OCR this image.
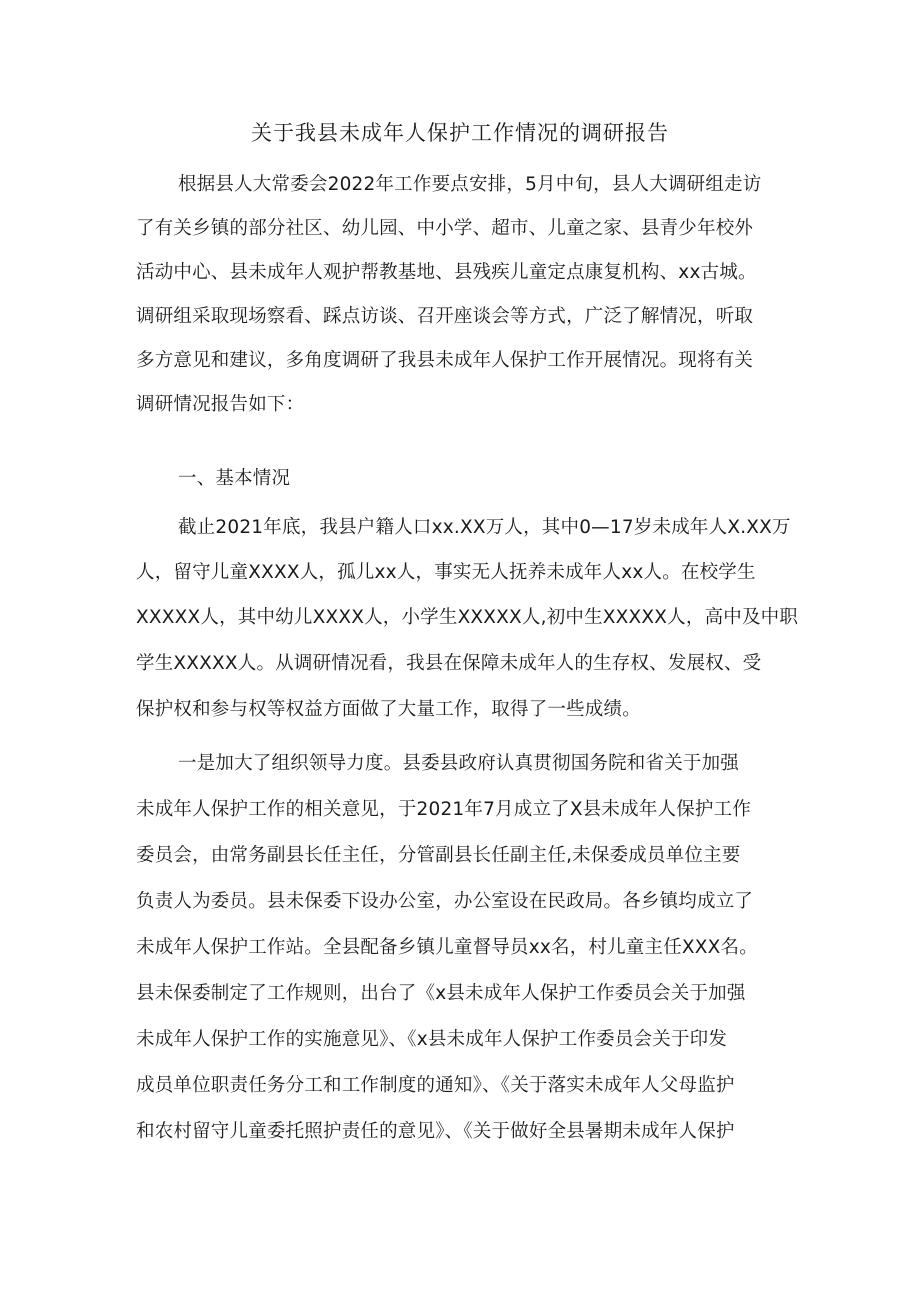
关于我县未成年人保护工作情况的调研报告
根据县人大常委会2022年工作要点安排，5月中旬，县人大调研组走访
了有关乡镇的部分社区、幼儿园、中小学、超市、儿童之家、县青少年校外
活动中心、县未成年人观护帮教基地、县残疾儿童定点康复机构、xx古城。
调研组采取现场察看、踩点访谈、召开座谈会等方式，广泛了解情况，听取
多方意见和建议，多角度调研了我县未成年人保护工作开展情况。现将有关
调研情况报告如下：
一、基本情况
截止2021年底，我县户籍人口xx.XX万人，其中0—17岁未成年人X.XX万
人，留守儿童XXXX人，孤儿xx人，事实无人抚养未成年人xx人。在校学生
XXXXX人，其中幼儿XXXX人，小学生XXXXX人,初中生XXXXX人，高中及中职
学生XXXXX人。从调研情况看，我县在保障未成年人的生存权、发展权、受
保护权和参与权等权益方面做了大量工作，取得了一些成绩。
一是加大了组织领导力度。县委县政府认真贯彻国务院和省关于加强
未成年人保护工作的相关意见，于2021年7月成立了X县未成年人保护工作
委员会，由常务副县长任主任，分管副县长任副主任,未保委成员单位主要
负责人为委员。县未保委下设办公室，办公室设在民政局。各乡镇均成立了
未成年人保护工作站。全县配备乡镇儿童督导员xx名，村儿童主任XXX名。
县未保委制定了工作规则，出台了《x县未成年人保护工作委员会关于加强
未成年人保护工作的实施意见》、《x县未成年人保护工作委员会关于印发
成员单位职责任务分工和工作制度的通知》、《关于落实未成年人父母监护
和农村留守儿童委托照护责任的意见》、《关于做好全县暑期未成年人保护
